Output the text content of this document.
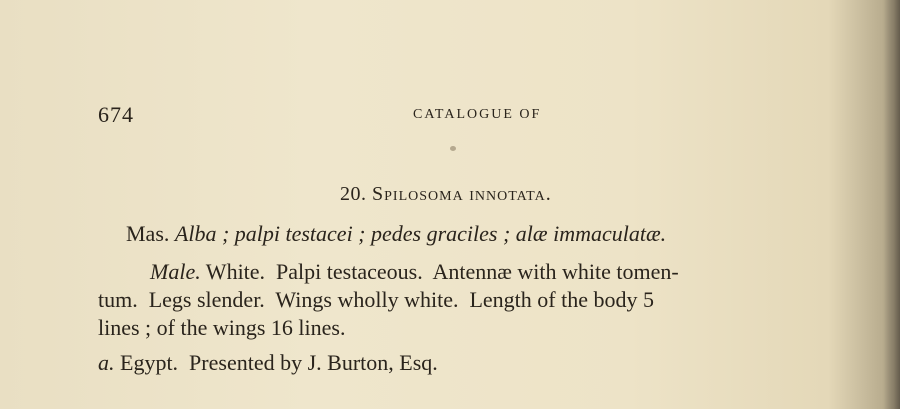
674	CATALOGUE OF
20. Spilosoma innotata.
Mas. Alba ; palpi testacei ; pedes graciles ; alæ immaculatæ.
Male. White.  Palpi testaceous.  Antennæ with white tomen-
tum.  Legs slender.  Wings wholly white.  Length of the body 5
lines ; of the wings 16 lines.
a. Egypt.  Presented by J. Burton, Esq.
